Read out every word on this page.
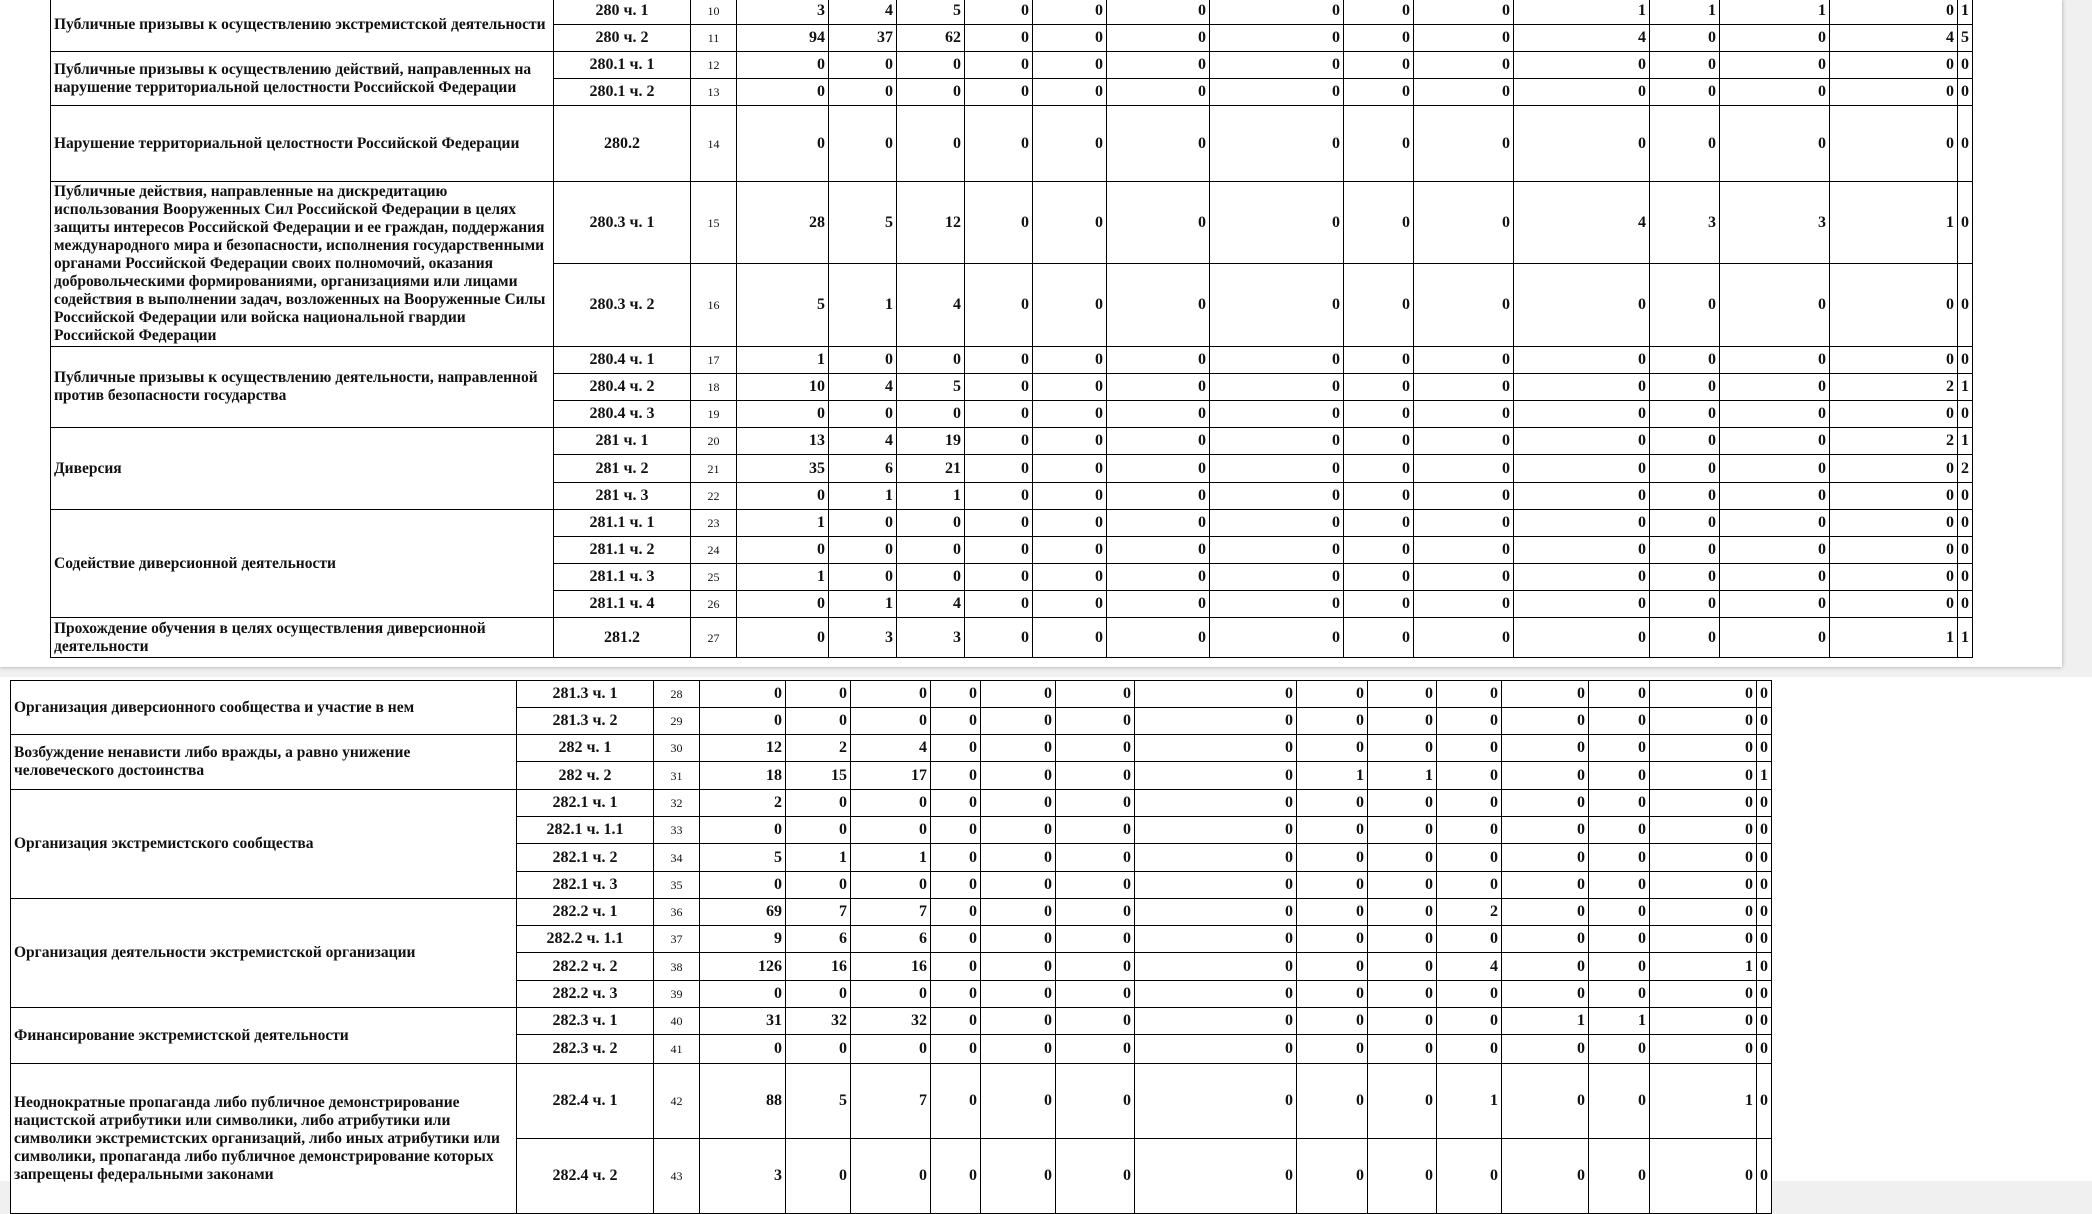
Публичные призывы к осуществлению экстремистской деятельности	280 ч. 1	10	3	4	5	0	0	0	0	0	0	1	1	1	0	1
	280 ч. 2	11	94	37	62	0	0	0	0	0	0	4	0	0	4	5
Публичные призывы к осуществлению действий, направленных на нарушение территориальной целостности Российской Федерации	280.1 ч. 1	12	0	0	0	0	0	0	0	0	0	0	0	0	0	0
	280.1 ч. 2	13	0	0	0	0	0	0	0	0	0	0	0	0	0	0
Нарушение территориальной целостности Российской Федерации	280.2	14	0	0	0	0	0	0	0	0	0	0	0	0	0	0
Публичные действия, направленные на дискредитацию использования Вооруженных Сил Российской Федерации в целях защиты интересов Российской Федерации и ее граждан, поддержания международного мира и безопасности, исполнения государственными органами Российской Федерации своих полномочий, оказания добровольческими формированиями, организациями или лицами содействия в выполнении задач, возложенных на Вооруженные Силы Российской Федерации или войска национальной гвардии Российской Федерации	280.3 ч. 1	15	28	5	12	0	0	0	0	0	0	4	3	3	1	0
	280.3 ч. 2	16	5	1	4	0	0	0	0	0	0	0	0	0	0	0
Публичные призывы к осуществлению деятельности, направленной против безопасности государства	280.4 ч. 1	17	1	0	0	0	0	0	0	0	0	0	0	0	0	0
	280.4 ч. 2	18	10	4	5	0	0	0	0	0	0	0	0	0	2	1
	280.4 ч. 3	19	0	0	0	0	0	0	0	0	0	0	0	0	0	0
Диверсия	281 ч. 1	20	13	4	19	0	0	0	0	0	0	0	0	0	2	1
	281 ч. 2	21	35	6	21	0	0	0	0	0	0	0	0	0	0	2
	281 ч. 3	22	0	1	1	0	0	0	0	0	0	0	0	0	0	0
Содействие диверсионной деятельности	281.1 ч. 1	23	1	0	0	0	0	0	0	0	0	0	0	0	0	0
	281.1 ч. 2	24	0	0	0	0	0	0	0	0	0	0	0	0	0	0
	281.1 ч. 3	25	1	0	0	0	0	0	0	0	0	0	0	0	0	0
	281.1 ч. 4	26	0	1	4	0	0	0	0	0	0	0	0	0	0	0
Прохождение обучения в целях осуществления диверсионной деятельности	281.2	27	0	3	3	0	0	0	0	0	0	0	0	0	1	1
Организация диверсионного сообщества и участие в нем	281.3 ч. 1	28	0	0	0	0	0	0	0	0	0	0	0	0	0	0
	281.3 ч. 2	29	0	0	0	0	0	0	0	0	0	0	0	0	0	0
Возбуждение ненависти либо вражды, а равно унижение человеческого достоинства	282 ч. 1	30	12	2	4	0	0	0	0	0	0	0	0	0	0	0
	282 ч. 2	31	18	15	17	0	0	0	0	1	1	0	0	0	0	1
Организация экстремистского сообщества	282.1 ч. 1	32	2	0	0	0	0	0	0	0	0	0	0	0	0	0
	282.1 ч. 1.1	33	0	0	0	0	0	0	0	0	0	0	0	0	0	0
	282.1 ч. 2	34	5	1	1	0	0	0	0	0	0	0	0	0	0	0
	282.1 ч. 3	35	0	0	0	0	0	0	0	0	0	0	0	0	0	0
Организация деятельности экстремистской организации	282.2 ч. 1	36	69	7	7	0	0	0	0	0	0	2	0	0	0	0
	282.2 ч. 1.1	37	9	6	6	0	0	0	0	0	0	0	0	0	0	0
	282.2 ч. 2	38	126	16	16	0	0	0	0	0	0	4	0	0	1	0
	282.2 ч. 3	39	0	0	0	0	0	0	0	0	0	0	0	0	0	0
Финансирование экстремистской деятельности	282.3 ч. 1	40	31	32	32	0	0	0	0	0	0	0	1	1	0	0
	282.3 ч. 2	41	0	0	0	0	0	0	0	0	0	0	0	0	0	0
Неоднократные пропаганда либо публичное демонстрирование нацистской атрибутики или символики, либо атрибутики или символики экстремистских организаций, либо иных атрибутики или символики, пропаганда либо публичное демонстрирование которых запрещены федеральными законами	282.4 ч. 1	42	88	5	7	0	0	0	0	0	0	1	0	0	1	0
	282.4 ч. 2	43	3	0	0	0	0	0	0	0	0	0	0	0	0	0
